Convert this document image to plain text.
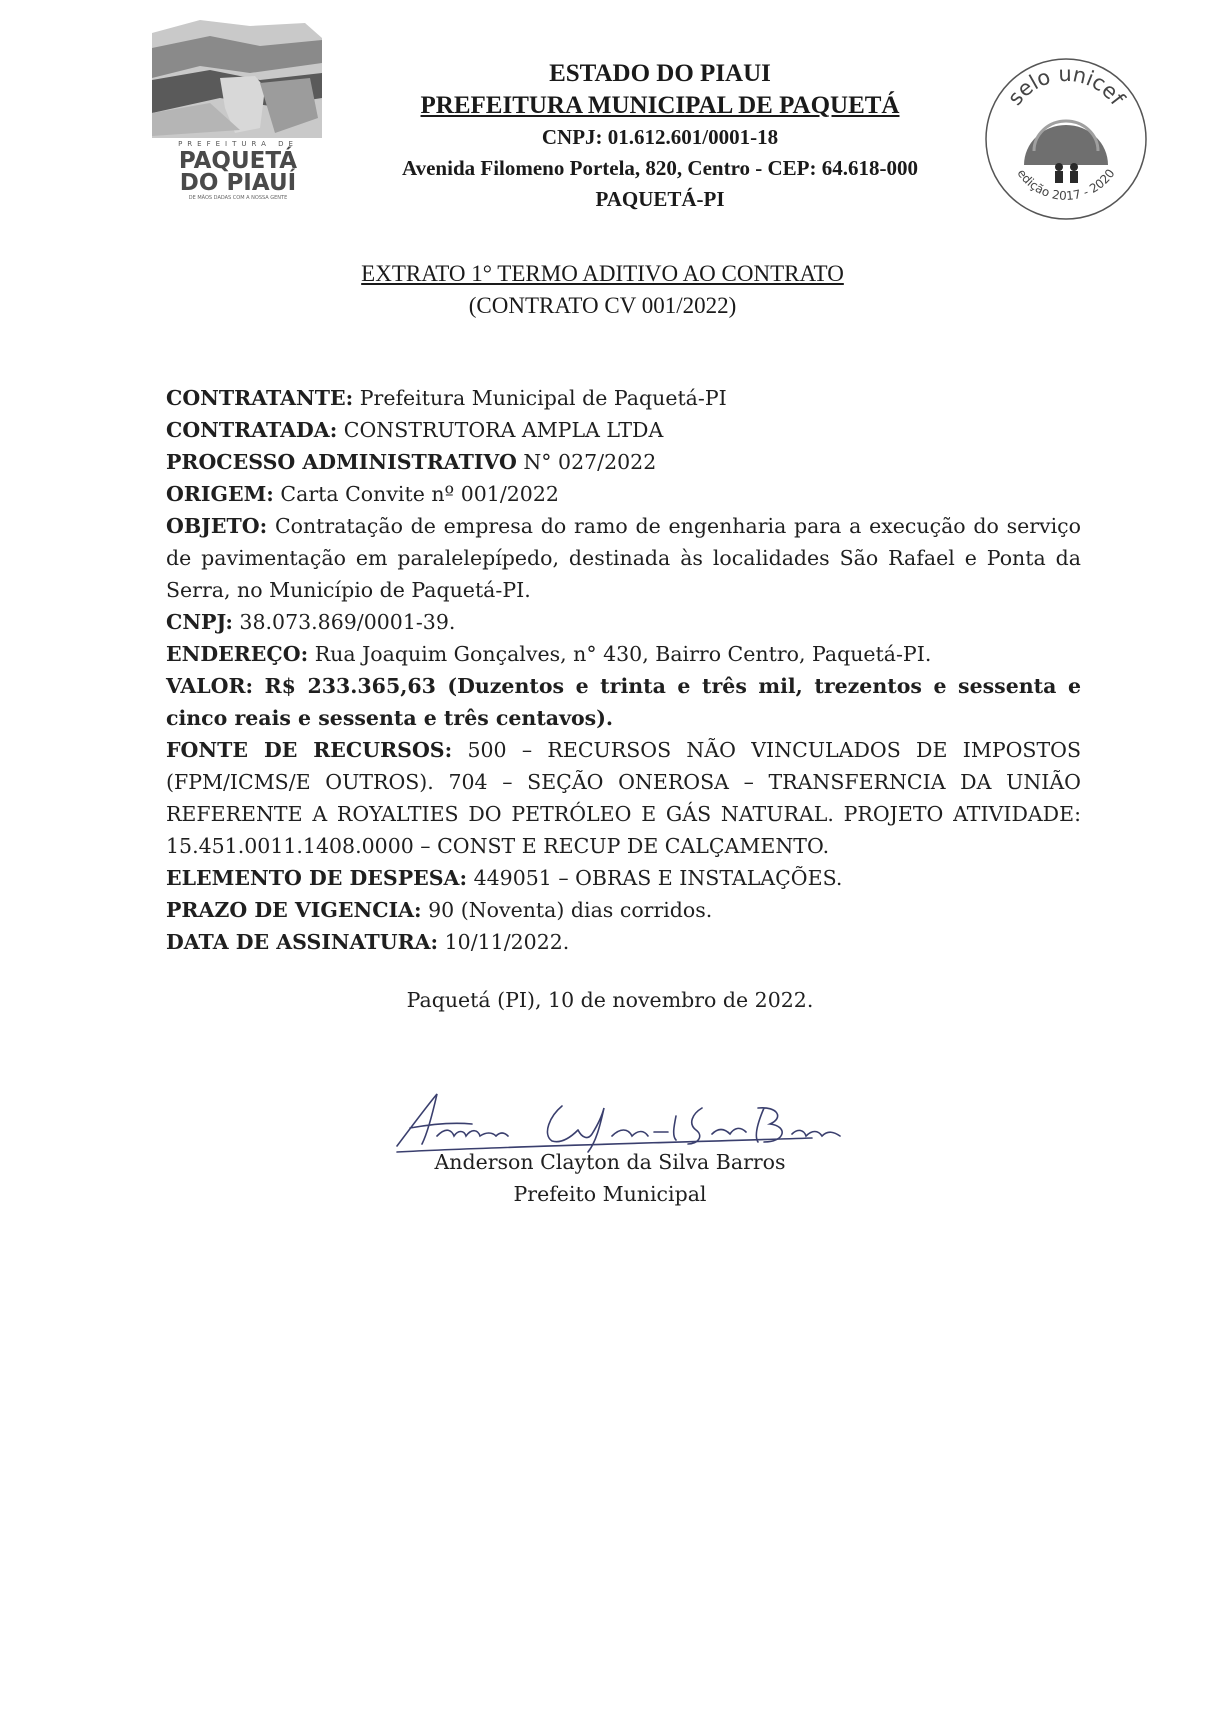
PREFEITURA DE
PAQUETÁ
DO PIAUÍ
DE MÃOS DADAS COM A NOSSA GENTE
selo unicef
edição 2017 - 2020
ESTADO DO PIAUI
PREFEITURA MUNICIPAL DE PAQUETÁ
CNPJ: 01.612.601/0001-18
Avenida Filomeno Portela, 820, Centro - CEP: 64.618-000
PAQUETÁ-PI
EXTRATO 1° TERMO ADITIVO AO CONTRATO
(CONTRATO CV 001/2022)
CONTRATANTE: Prefeitura Municipal de Paquetá-PI
CONTRATADA: CONSTRUTORA AMPLA LTDA
PROCESSO ADMINISTRATIVO N° 027/2022
ORIGEM: Carta Convite nº 001/2022
OBJETO: Contratação de empresa do ramo de engenharia para a execução do serviço de pavimentação em paralelepípedo, destinada às localidades São Rafael e Ponta da Serra, no Município de Paquetá-PI.
CNPJ: 38.073.869/0001-39.
ENDEREÇO: Rua Joaquim Gonçalves, n° 430, Bairro Centro, Paquetá-PI.
VALOR: R$ 233.365,63 (Duzentos e trinta e três mil, trezentos e sessenta e cinco reais e sessenta e três centavos).
FONTE DE RECURSOS: 500 – RECURSOS NÃO VINCULADOS DE IMPOSTOS (FPM/ICMS/E OUTROS). 704 – SEÇÃO ONEROSA – TRANSFERNCIA DA UNIÃO REFERENTE A ROYALTIES DO PETRÓLEO E GÁS NATURAL. PROJETO ATIVIDADE: 15.451.0011.1408.0000 – CONST E RECUP DE CALÇAMENTO.
ELEMENTO DE DESPESA: 449051 – OBRAS E INSTALAÇÕES.
PRAZO DE VIGENCIA: 90 (Noventa) dias corridos.
DATA DE ASSINATURA: 10/11/2022.
Paquetá (PI), 10 de novembro de 2022.
Anderson Clayton da Silva Barros
Prefeito Municipal
